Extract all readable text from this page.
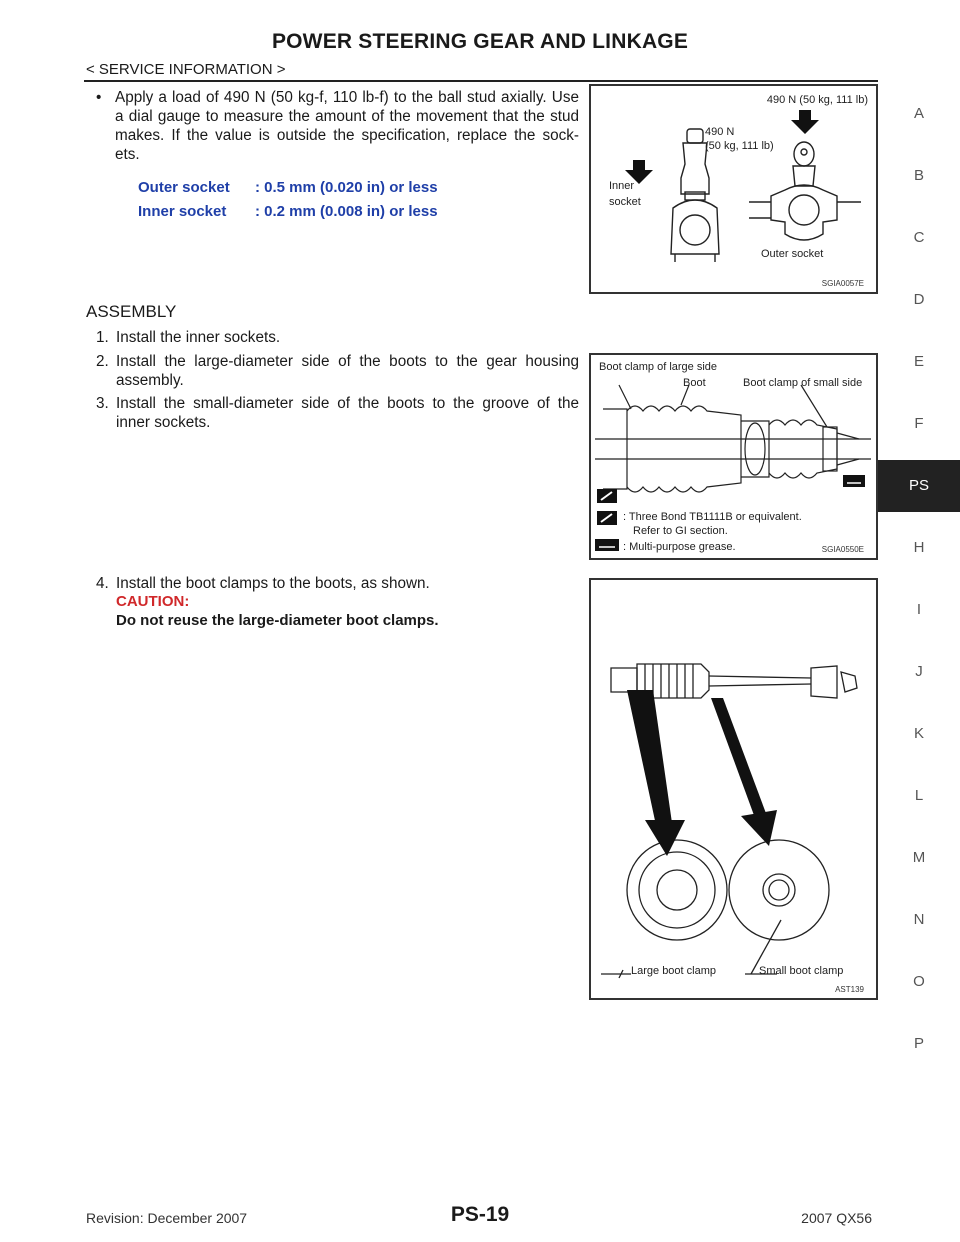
POWER STEERING GEAR AND LINKAGE
< SERVICE INFORMATION >
A
B
C
D
E
F
PS
H
I
J
K
L
M
N
O
P
• Apply a load of 490 N (50 kg-f, 110 lb-f) to the ball stud axially. Use
a dial gauge to measure the amount of the movement that the stud
makes. If the value is outside the specification, replace the sock-
ets.
Outer socket : 0.5 mm (0.020 in) or less
Inner socket : 0.2 mm (0.008 in) or less
490 N (50 kg, 111 lb)
490 N
(50 kg, 111 lb)
Inner
socket
Outer socket
SGIA0057E
ASSEMBLY
1. Install the inner sockets.
2. Install the large-diameter side of the boots to the gear housing
assembly.
3. Install the small-diameter side of the boots to the groove of the
inner sockets.
Boot clamp of large side
Boot	Boot clamp of small side
: Three Bond TB1111B or equivalent.
Refer to GI section.
: Multi-purpose grease.	SGIA0550E
4. Install the boot clamps to the boots, as shown.
CAUTION:
Do not reuse the large-diameter boot clamps.
Large boot clamp	Small boot clamp
AST139
Revision: December 2007	PS-19	2007 QX56
